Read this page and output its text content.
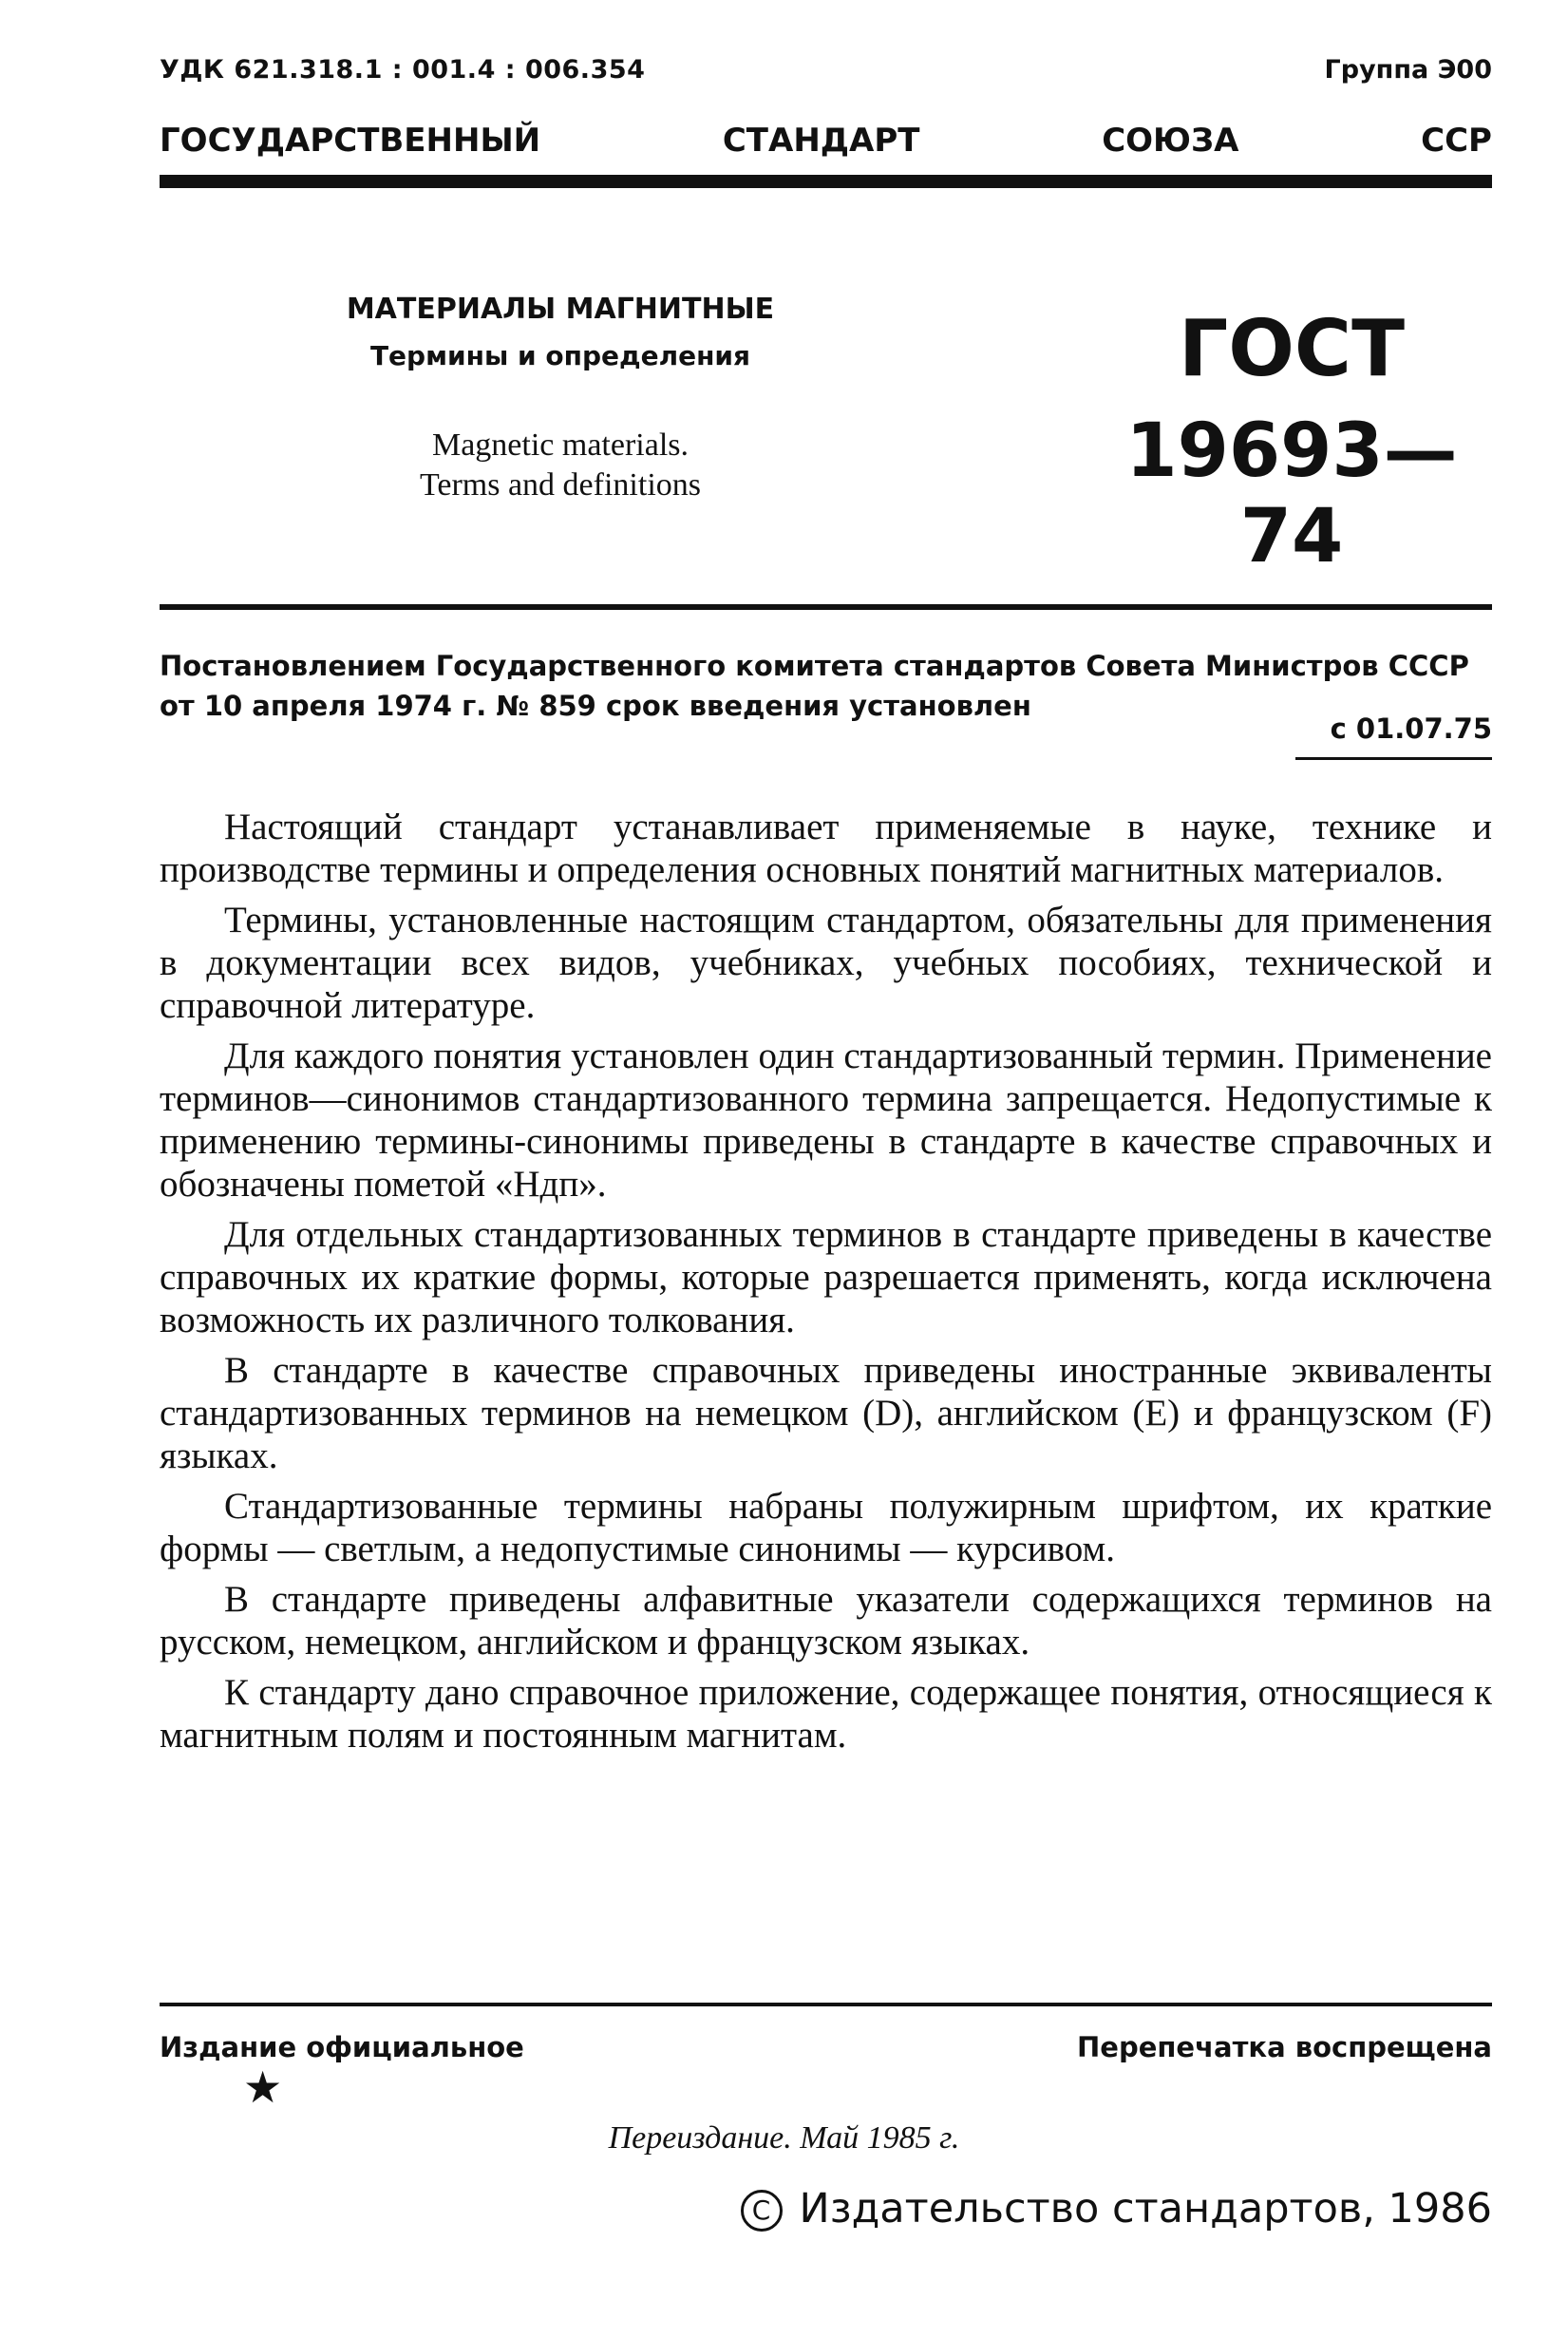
УДК 621.318.1 : 001.4 : 006.354	Группа Э00
ГОСУДАРСТВЕННЫЙ	СТАНДАРТ	СОЮЗА	ССР
МАТЕРИАЛЫ МАГНИТНЫЕ
Термины и определения
Magnetic materials.
Terms and definitions
ГОСТ
19693—74
Постановлением Государственного комитета стандартов Совета Министров СССР от 10 апреля 1974 г. № 859 срок введения установлен
с 01.07.75

Настоящий стандарт устанавливает применяемые в науке, технике и производстве термины и определения основных понятий магнитных материалов.

Термины, установленные настоящим стандартом, обязательны для применения в документации всех видов, учебниках, учебных пособиях, технической и справочной литературе.

Для каждого понятия установлен один стандартизованный термин. Применение терминов—синонимов стандартизованного термина запрещается. Недопустимые к применению термины-синонимы приведены в стандарте в качестве справочных и обозначены пометой «Ндп».

Для отдельных стандартизованных терминов в стандарте приведены в качестве справочных их краткие формы, которые разрешается применять, когда исключена возможность их различного толкования.

В стандарте в качестве справочных приведены иностранные эквиваленты стандартизованных терминов на немецком (D), английском (E) и французском (F) языках.

Стандартизованные термины набраны полужирным шрифтом, их краткие формы — светлым, а недопустимые синонимы — курсивом.

В стандарте приведены алфавитные указатели содержащихся терминов на русском, немецком, английском и французском языках.

К стандарту дано справочное приложение, содержащее понятия, относящиеся к магнитным полям и постоянным магнитам.

Издание официальное	Перепечатка воспрещена
★
Переиздание. Май 1985 г.
C Издательство стандартов, 1986
